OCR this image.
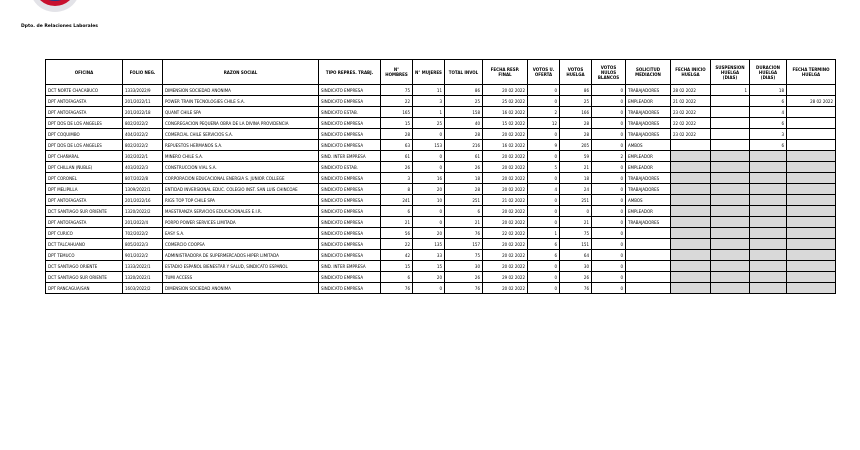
Dpto. de Relaciones Laborales
OFICINA	FOLIO NEG.	RAZON SOCIAL	TIPO REPRES. TRABJ.	N° HOMBRES	N° MUJERES	TOTAL INVOL	FECHA RESP. FINAL	VOTOS U. OFERTA	VOTOS HUELGA	VOTOS NULOS BLANCOS	SOLICITUD MEDIACION	FECHA INICIO HUELGA	SUSPENSION HUELGA (DIAS)	DURACION HUELGA (DIAS)	FECHA TERMINO HUELGA
DCT NORTE CHACABUCO	1333/2022/9	DIMENSION SOCIEDAD ANONIMA	SINDICATO EMPRESA	75	11	86	20 02 2022	0	86	0	TRABAJADORES	28 02 2022	1	18	
DPT ANTOFAGASTA	201/2022/11	POWER TRAIN TECNOLOGIES CHILE S.A.	SINDICATO EMPRESA	22	3	25	25 02 2022	0	25	0	EMPLEADOR	21 02 2022		6	28 02 2022
DPT ANTOFAGASTA	201/2022/18	QUANT CHILE SPA	SINDICATO ESTAB.	165	1	158	16 02 2022	2	166	0	TRABAJADORES	23 02 2022		4	
DPT DOS DE LOS ANGELES	802/2022/2	CONGREGACION PEQUEÑA OBRA DE LA DIVINA PROVIDENCIA	SINDICATO EMPRESA	15	25	40	15 02 2022	12	28	0	TRABAJADORES	22 02 2022		6	
DPT COQUIMBO	404/2022/2	COMERCIAL CHILE SERVICIOS S.A.	SINDICATO EMPRESA	28	0	28	20 02 2022	0	28	0	TRABAJADORES	23 02 2022		3	
DPT DOS DE LOS ANGELES	802/2022/2	REPUESTOS HERMANOS S.A.	SINDICATO EMPRESA	63	153	216	16 02 2022	9	205	0	AMBOS			6	
DPT CHAÑARAL	302/2022/1	MINERO CHILE S.A.	SIND. INTER EMPRESA	61	0	61	20 02 2022	0	59	2	EMPLEADOR				
DPT CHILLAN (ÑUBLE)	403/2022/3	CONSTRUCCION VIAL S.A.	SINDICATO ESTAB.	26	0	26	20 02 2022	5	21	0	EMPLEADOR				
DPT CORONEL	807/2022/8	CORPORACION EDUCACIONAL ENERGIA S. JUNIOR COLLEGE	SINDICATO EMPRESA	3	16	18	20 02 2022	0	18	0	TRABAJADORES				
DPT MELIPILLA	1309/2022/1	ENTIDAD INVERSIONAL EDUC. COLEGIO INST. SAN LUIS CHINCOAE	SINDICATO EMPRESA	8	20	28	20 02 2022	4	24	0	TRABAJADORES				
DPT ANTOFAGASTA	201/2022/16	RIGS TOP TOP CHILE SPA	SINDICATO EMPRESA	241	10	251	21 02 2022	0	251	0	AMBOS				
DCT SANTIAGO SUR ORIENTE	1320/2022/2	MAESTRANZA SERVICIOS EDUCACIONALES E.I.R.	SINDICATO EMPRESA	6	0	6	20 02 2022	0	0	0	EMPLEADOR				
DPT ANTOFAGASTA	201/2022/4	PORPO POWER SERVICES LIMITADA	SINDICATO EMPRESA	21	0	21	20 02 2022	0	21	0	TRABAJADORES				
DPT CURICO	702/2022/2	EASY S.A.	SINDICATO EMPRESA	56	20	76	22 02 2022	1	75	0					
DCT TALCAHUANO	805/2022/3	COMERCIO COOPSA	SINDICATO EMPRESA	22	135	157	20 02 2022	6	151	0					
DPT TEMUCO	901/2022/2	ADMINISTRADORA DE SUPERMERCADOS HIPER LIMITADA	SINDICATO EMPRESA	42	33	75	20 02 2022	6	64	0					
DCT SANTIAGO ORIENTE	1333/2022/1	ESTADIO ESPAÑOL BIENESTAR Y SALUD, SINDICATO ESPAÑOL	SIND. INTER EMPRESA	15	15	30	20 02 2022	0	30	0					
DCT SANTIAGO SUR ORIENTE	1320/2022/1	TUMI ACCESS	SINDICATO EMPRESA	6	20	26	29 02 2022	0	26	0					
DPT RANCAGUA/SAN	1603/2022/2	DIMENSION SOCIEDAD ANONIMA	SINDICATO EMPRESA	76	0	76	20 02 2022	0	76	0					
